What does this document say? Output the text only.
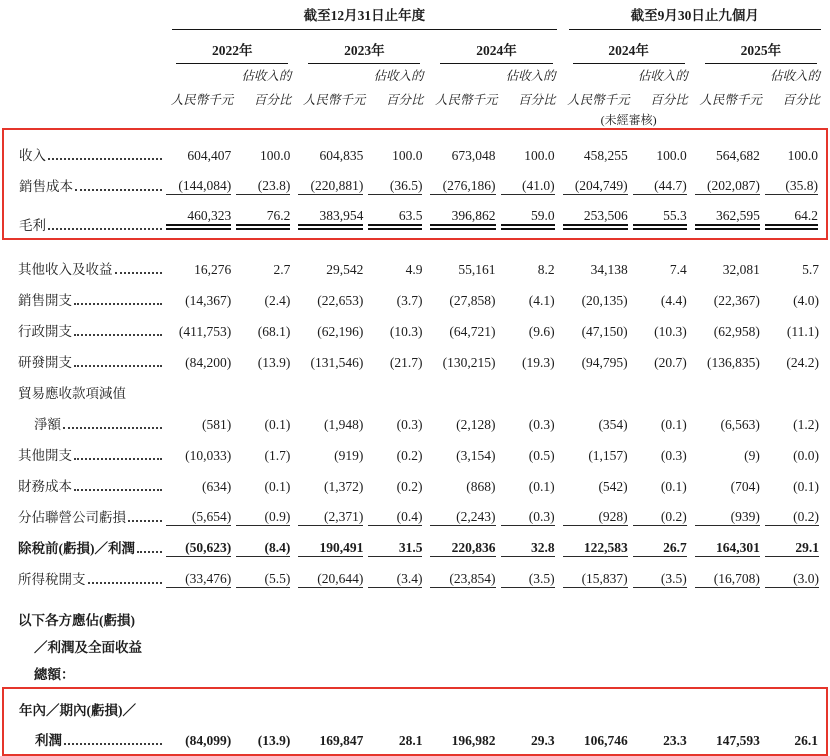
	截至12月31日止年度						截至9月30日止九個月			

	2022年		2023年		2024年		2024年		2025年	

		佔收入的		佔收入的		佔收入的		佔收入的		佔收入的
	人民幣千元	百分比	人民幣千元	百分比	人民幣千元	百分比	人民幣千元	百分比	人民幣千元	百分比
							(未經審核)			

收入	604,407	100.0	604,835	100.0	673,048	100.0	458,255	100.0	564,682	100.0

銷售成本	(144,084)	(23.8)	(220,881)	(36.5)	(276,186)	(41.0)	(204,749)	(44.7)	(202,087)	(35.8)

毛利	460,323	76.2	383,954	63.5	396,862	59.0	253,506	55.3	362,595	64.2

其他收入及收益	16,276	2.7	29,542	4.9	55,161	8.2	34,138	7.4	32,081	5.7

銷售開支	(14,367)	(2.4)	(22,653)	(3.7)	(27,858)	(4.1)	(20,135)	(4.4)	(22,367)	(4.0)

行政開支	(411,753)	(68.1)	(62,196)	(10.3)	(64,721)	(9.6)	(47,150)	(10.3)	(62,958)	(11.1)

研發開支	(84,200)	(13.9)	(131,546)	(21.7)	(130,215)	(19.3)	(94,795)	(20.7)	(136,835)	(24.2)

貿易應收款項減值										

淨額	(581)	(0.1)	(1,948)	(0.3)	(2,128)	(0.3)	(354)	(0.1)	(6,563)	(1.2)

其他開支	(10,033)	(1.7)	(919)	(0.2)	(3,154)	(0.5)	(1,157)	(0.3)	(9)	(0.0)

財務成本	(634)	(0.1)	(1,372)	(0.2)	(868)	(0.1)	(542)	(0.1)	(704)	(0.1)

分佔聯營公司虧損	(5,654)	(0.9)	(2,371)	(0.4)	(2,243)	(0.3)	(928)	(0.2)	(939)	(0.2)

除稅前(虧損)／利潤	(50,623)	(8.4)	190,491	31.5	220,836	32.8	122,583	26.7	164,301	29.1

所得稅開支	(33,476)	(5.5)	(20,644)	(3.4)	(23,854)	(3.5)	(15,837)	(3.5)	(16,708)	(3.0)

以下各方應佔(虧損)										

／利潤及全面收益										

總額：										

年內／期內(虧損)／										

利潤	(84,099)	(13.9)	169,847	28.1	196,982	29.3	106,746	23.3	147,593	26.1
